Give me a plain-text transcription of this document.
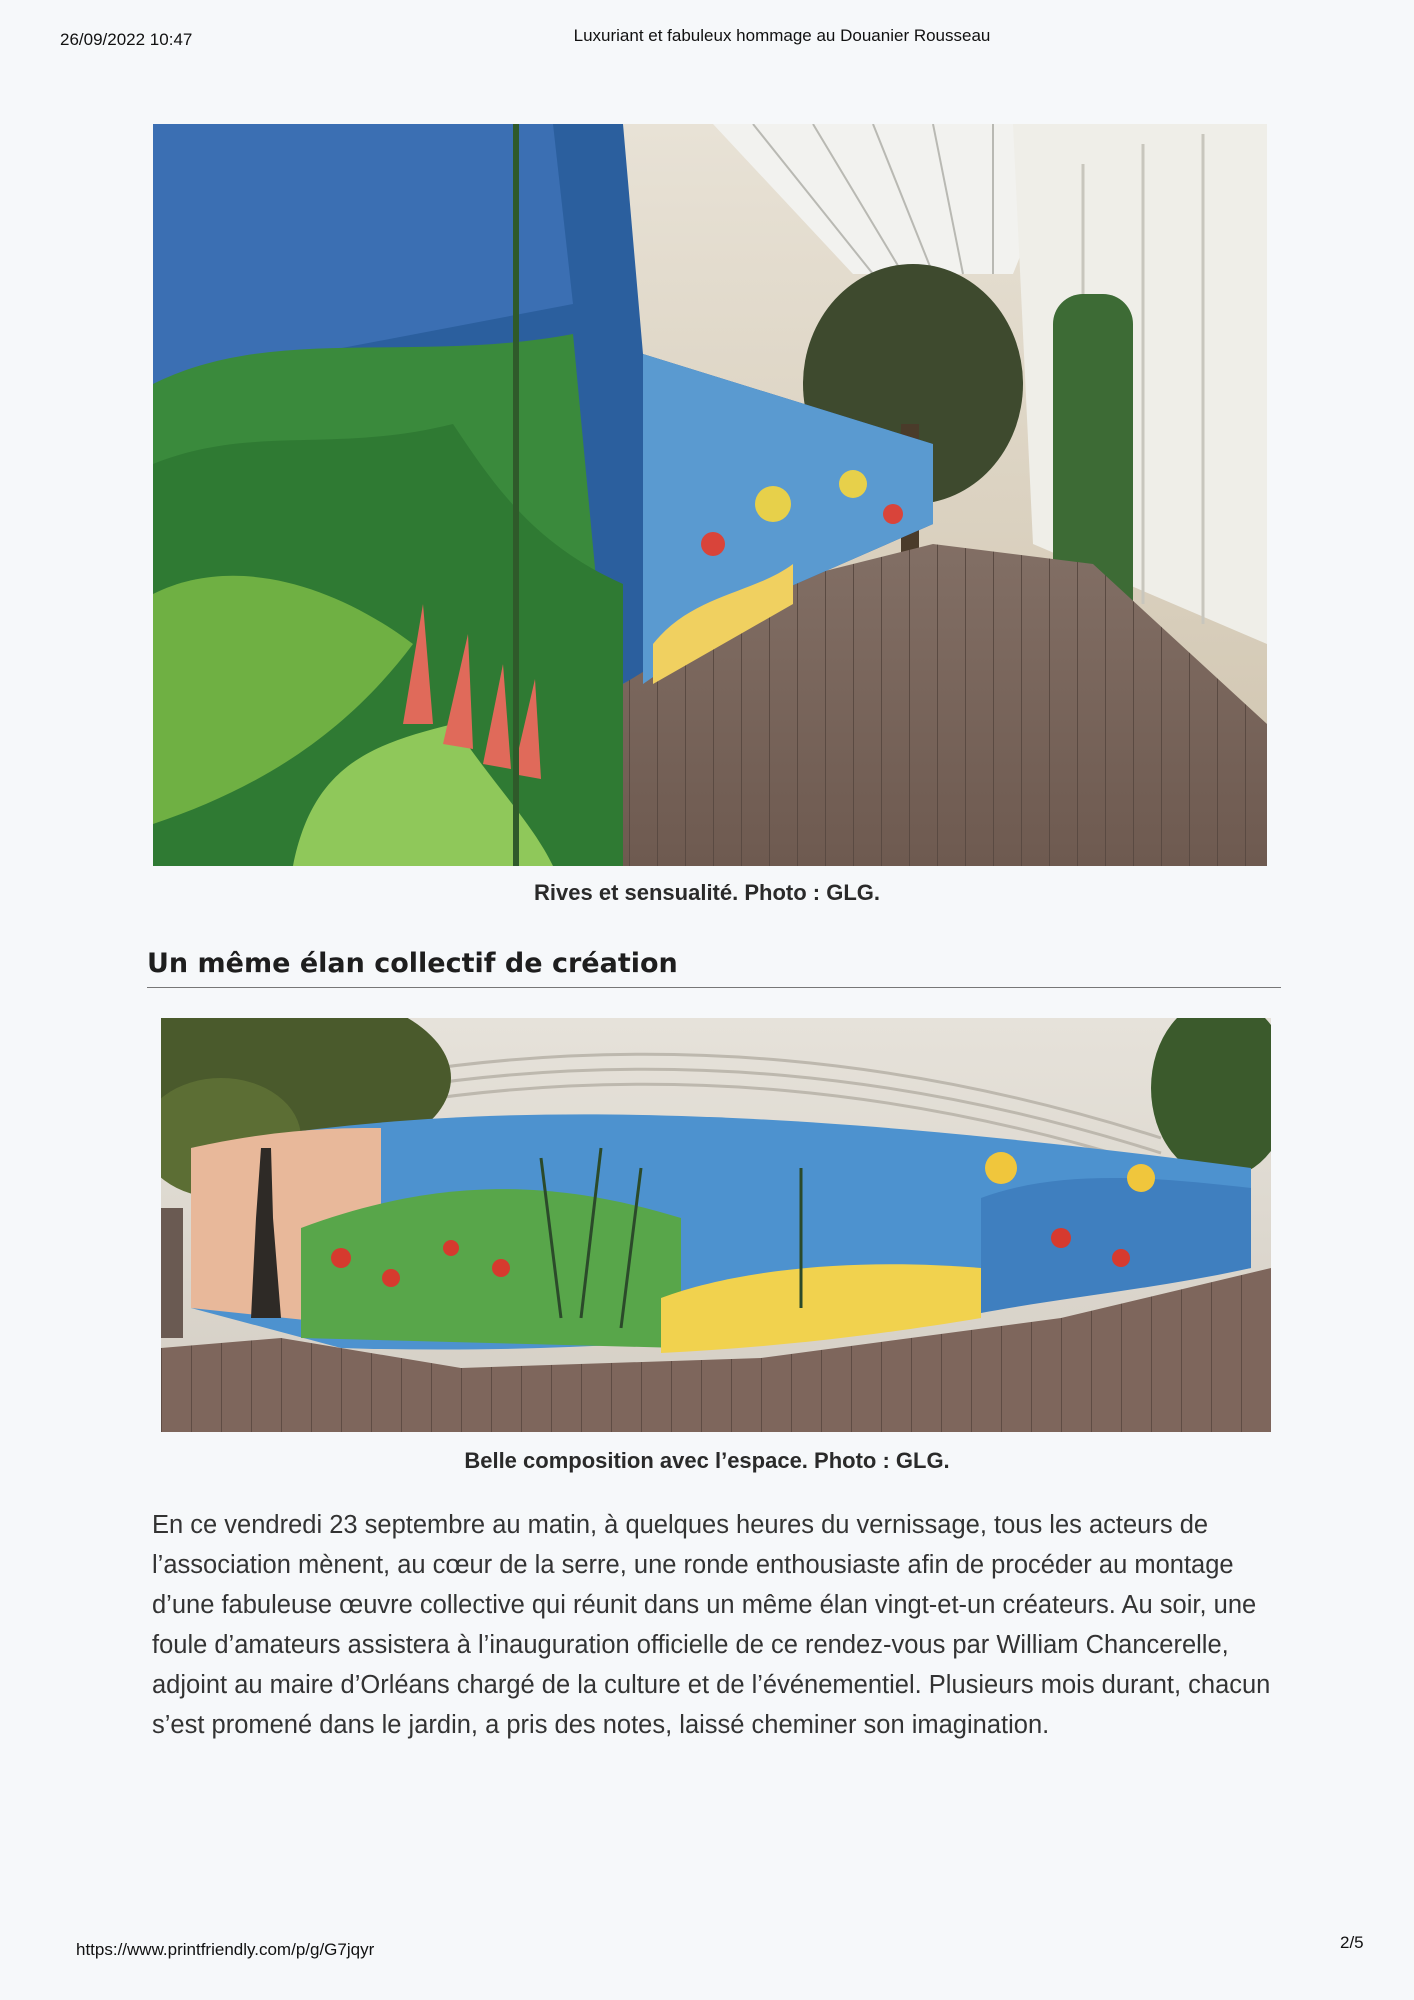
26/09/2022 10:47	Luxuriant et fabuleux hommage au Douanier Rousseau
Rives et sensualité. Photo : GLG.
Un même élan collectif de création
Belle composition avec l’espace. Photo : GLG.

En ce vendredi 23 septembre au matin, à quelques heures du vernissage, tous les acteurs de l’association mènent, au cœur de la serre, une ronde enthousiaste afin de procéder au montage d’une fabuleuse œuvre collective qui réunit dans un même élan vingt-et-un créateurs. Au soir, une foule d’amateurs assistera à l’inauguration officielle de ce rendez-vous par William Chancerelle, adjoint au maire d’Orléans chargé de la culture et de l’événementiel. Plusieurs mois durant, chacun s’est promené dans le jardin, a pris des notes, laissé cheminer son imagination.

https://www.printfriendly.com/p/g/G7jqyr	2/5
